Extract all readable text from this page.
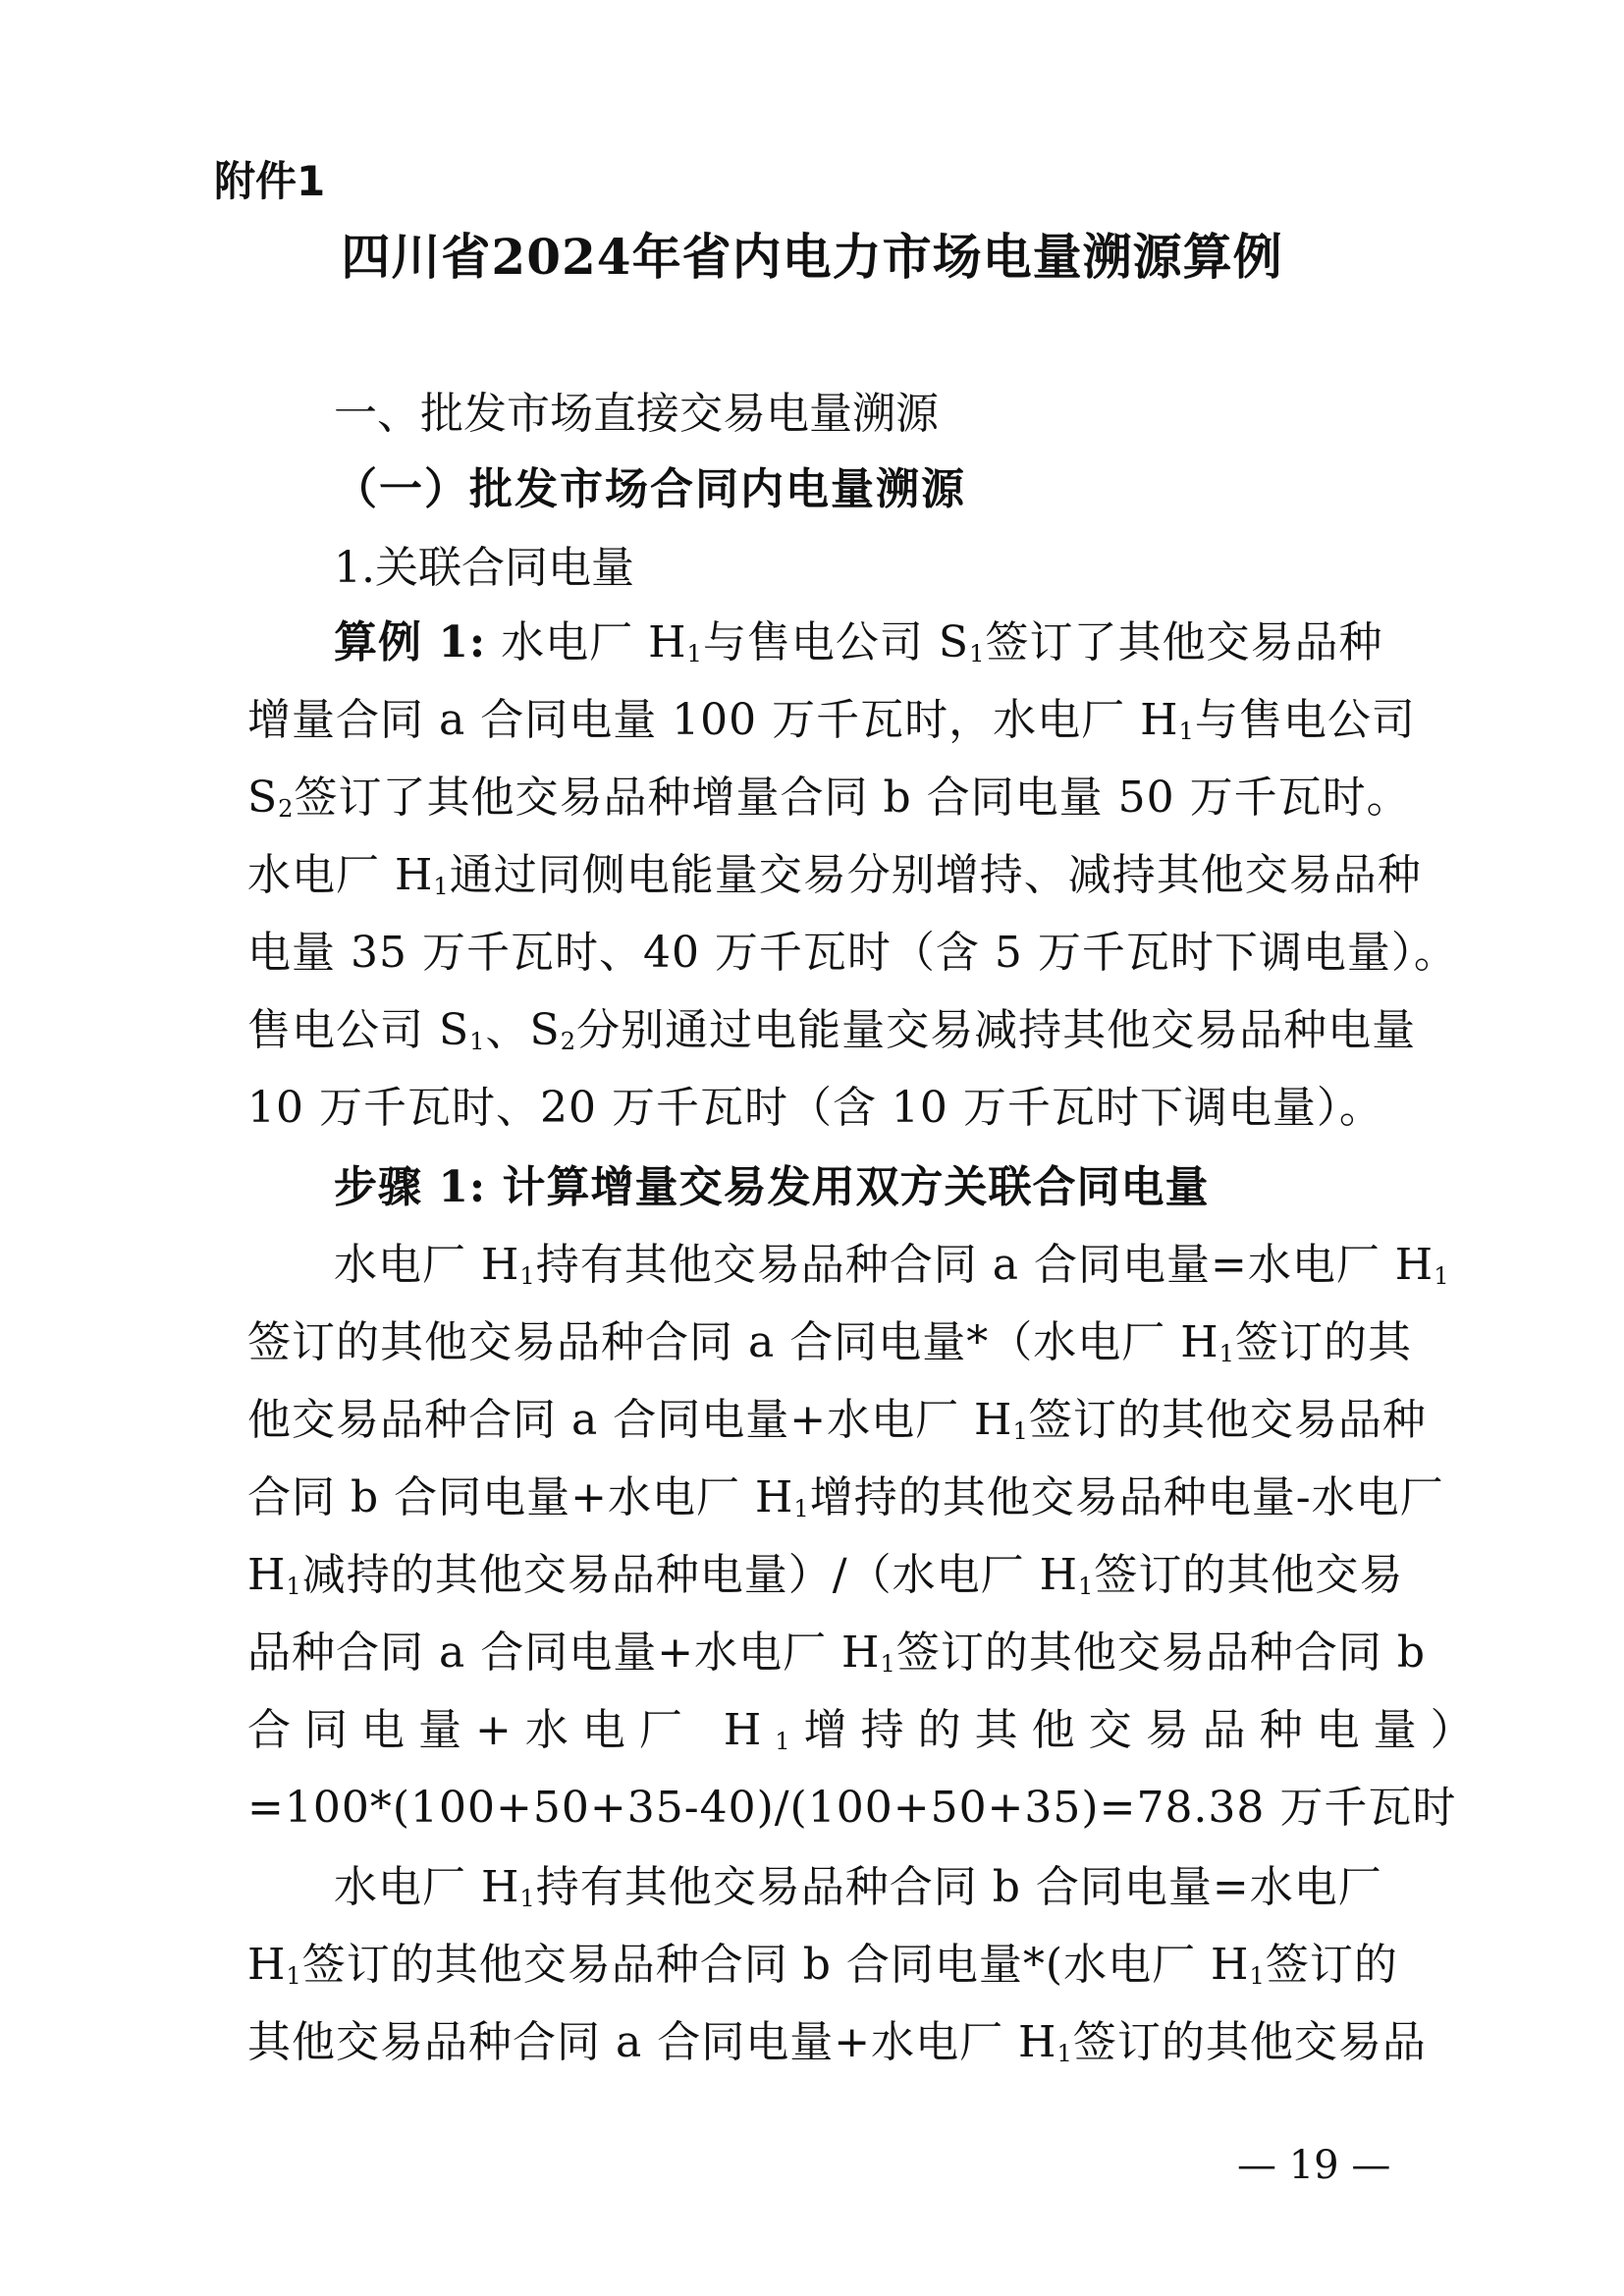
附件1
四川省2024年省内电力市场电量溯源算例
一、批发市场直接交易电量溯源
（一）批发市场合同内电量溯源
1.关联合同电量
算例 1: 水电厂 $H_1$与售电公司 $S_1$签订了其他交易品种
增量合同 a 合同电量 100 万千瓦时，水电厂 $H_1$与售电公司
$S_2$签订了其他交易品种增量合同 b 合同电量 50 万千瓦时。
水电厂 $H_1$通过同侧电能量交易分别增持、减持其他交易品种
电量 35 万千瓦时、40 万千瓦时（含 5 万千瓦时下调电量）。
售电公司 $S_1$、$S_2$分别通过电能量交易减持其他交易品种电量
10 万千瓦时、20 万千瓦时（含 10 万千瓦时下调电量）。
步骤 1: 计算增量交易发用双方关联合同电量
水电厂 $H_1$持有其他交易品种合同 a 合同电量=水电厂 $H_1$
签订的其他交易品种合同 a 合同电量*（水电厂 $H_1$签订的其
他交易品种合同 a 合同电量+水电厂 $H_1$签订的其他交易品种
合同 b 合同电量+水电厂 $H_1$增持的其他交易品种电量-水电厂
$H_1$减持的其他交易品种电量）/（水电厂 $H_1$签订的其他交易
品种合同 a 合同电量+水电厂 $H_1$签订的其他交易品种合同 b
合同电量+水电厂 $H_1$增持的其他交易品种电量）
=100*(100+50+35-40)/(100+50+35)=78.38 万千瓦时
水电厂 $H_1$持有其他交易品种合同 b 合同电量=水电厂
$H_1$签订的其他交易品种合同 b 合同电量*(水电厂 $H_1$签订的
其他交易品种合同 a 合同电量+水电厂 $H_1$签订的其他交易品
— 19 —
